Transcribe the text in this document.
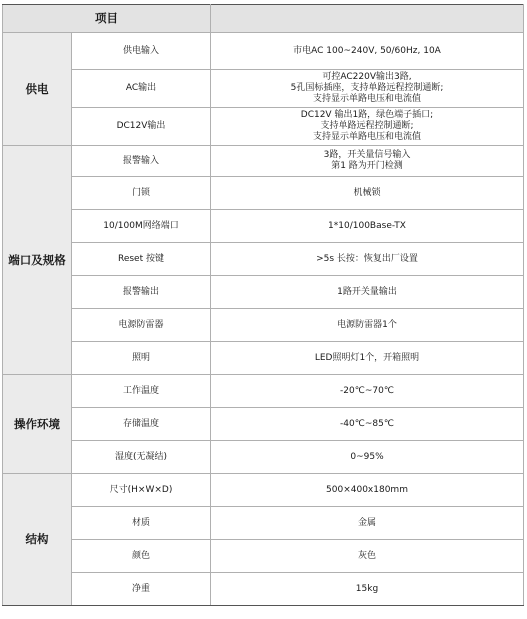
项目		
供电	供电输入	市电AC 100~240V, 50/60Hz, 10A

	AC输出	可控AC220V输出3路,
5孔国标插座，支持单路远程控制通断;
支持显示单路电压和电流值

	DC12V输出	DC12V 输出1路，绿色端子插口;
支持单路远程控制通断;
支持显示单路电压和电流值

端口及规格	报警输入	3路，开关量信号输入
第1 路为开门检测

	门锁	机械锁

	10/100M网络端口	1*10/100Base-TX

	Reset 按键	>5s 长按：恢复出厂设置

	报警输出	1路开关量输出

	电源防雷器	电源防雷器1个

	照明	LED照明灯1个，开箱照明

操作环境	工作温度	-20℃~70℃

	存储温度	-40℃~85℃

	湿度(无凝结)	0~95%

结构	尺寸(H×W×D)	500×400x180mm

	材质	金属

	颜色	灰色

	净重	15kg
